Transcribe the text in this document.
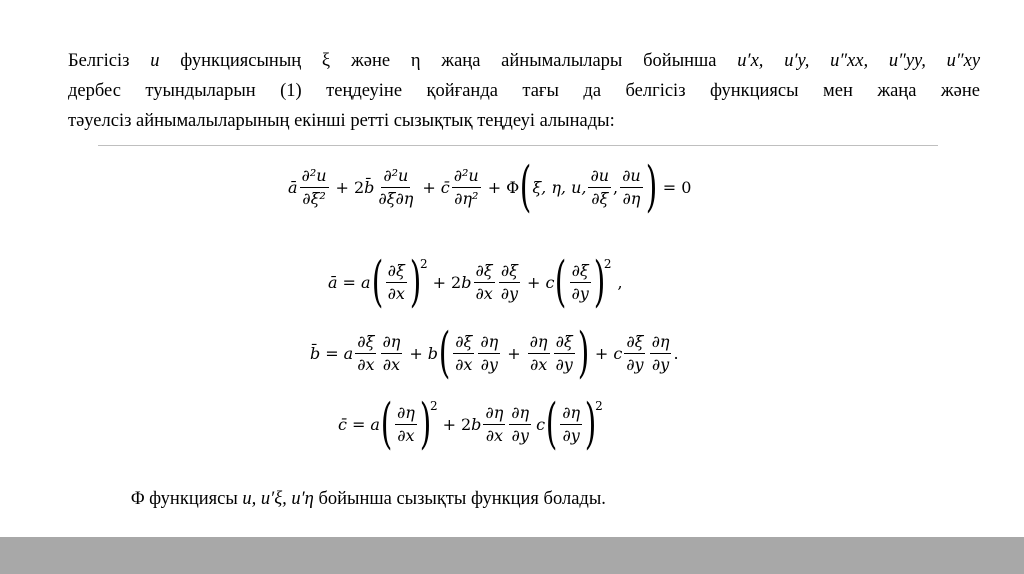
Белгісіз u функциясының ξ және η жаңа айнымалылары бойынша u′x, u′y, u″xx, u″yy, u″xy
дербес туындыларын (1) теңдеуіне қойғанда тағы да белгісіз функциясы мен жаңа және
тәуелсіз айнымалыларының екінші ретті сызықтық теңдеуі алынады:
ā $\frac{\text{∂²u}}{\text{∂ξ²}} + 2$ b̄ $\frac{\text{∂²u}}{\partial\xi\partial\eta}$ + c̄ $\frac{\text{∂²u}}{\text{∂η²}} + \Phi$ ( ξ, η, u, $\frac{\partial u}{\partial\xi}$ , $\frac{\partial u}{\partial\eta}$ ) = 0
ā = a ( $\frac{\partial\xi}{\partial x}$ )
2
+ 2 b $\frac{\partial\xi}{\partial x} \frac{\partial\xi}{\partial y} + c$ ( $\frac{\partial\xi}{\partial y}$ )
2
,
b̄ = a $\frac{\partial\xi}{\partial x} \frac{\partial\eta}{\partial x} + b$ ( $\frac{\partial\xi}{\partial x} \frac{\partial\eta}{\partial y} + \frac{\partial\eta}{\partial x} \frac{\partial\xi}{\partial y}$ ) + c $\frac{\partial\xi}{\partial y} \frac{\partial\eta}{\partial y}$ .
c̄ = a ( $\frac{\partial\eta}{\partial x}$ )
2
+ 2 b $\frac{\partial\eta}{\partial x} \frac{\partial\eta}{\partial y}$ c ( $\frac{\partial\eta}{\partial y}$ )
2
Φ функциясы u, u′ξ, u′η бойынша сызықты функция болады.
